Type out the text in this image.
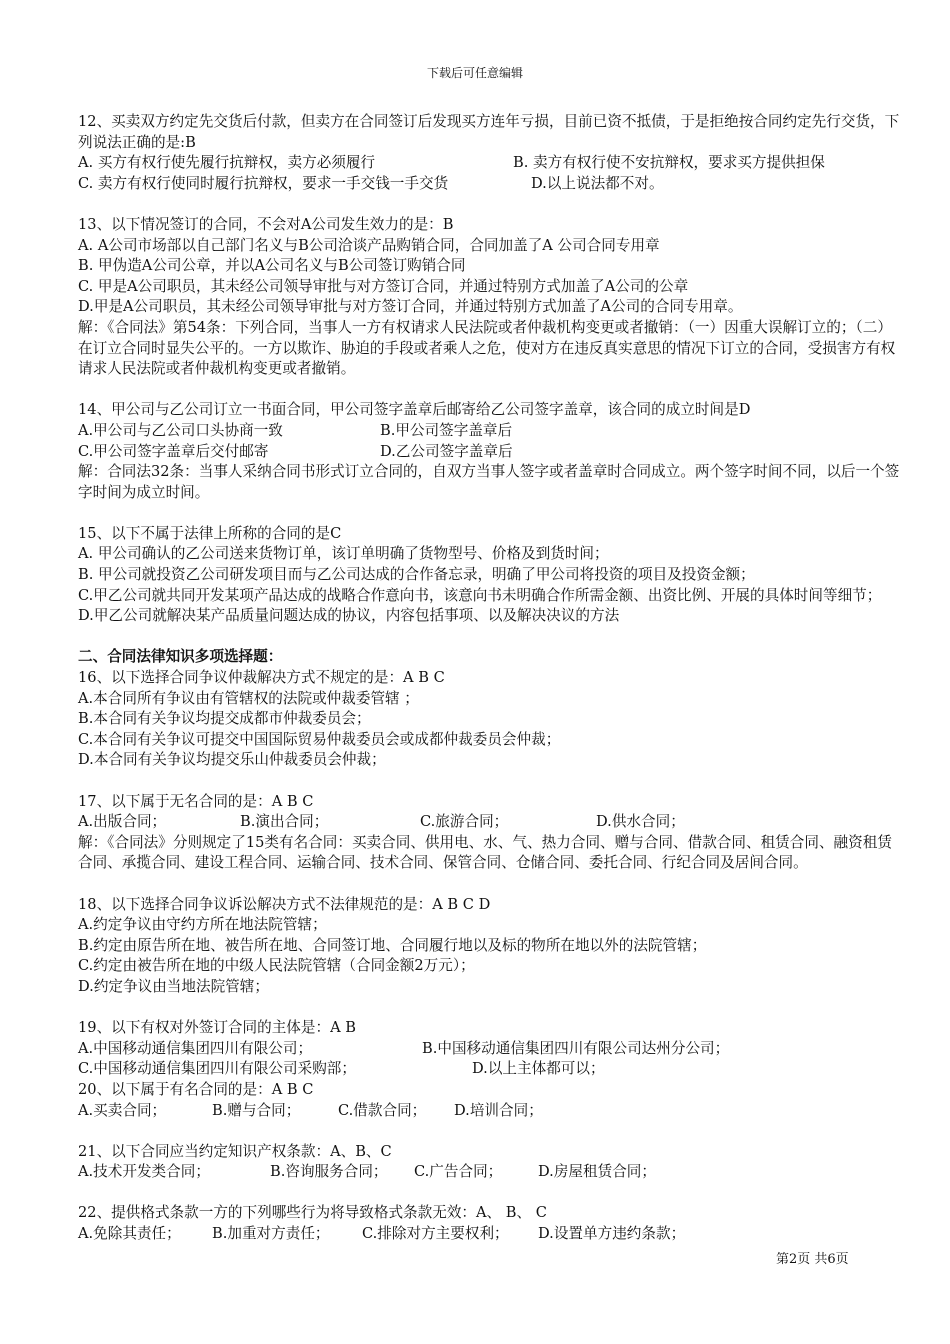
下载后可任意编辑
12、买卖双方约定先交货后付款，但卖方在合同签订后发现买方连年亏损，目前已资不抵债，于是拒绝按合同约定先行交货，下列说法正确的是:B
A. 买方有权行使先履行抗辩权，卖方必须履行	B. 卖方有权行使不安抗辩权，要求买方提供担保
C. 卖方有权行使同时履行抗辩权，要求一手交钱一手交货	D.以上说法都不对。
13、以下情况签订的合同，不会对A公司发生效力的是：B
A. A公司市场部以自己部门名义与B公司洽谈产品购销合同，合同加盖了A 公司合同专用章
B. 甲伪造A公司公章，并以A公司名义与B公司签订购销合同
C. 甲是A公司职员，其未经公司领导审批与对方签订合同，并通过特别方式加盖了A公司的公章
D.甲是A公司职员，其未经公司领导审批与对方签订合同，并通过特别方式加盖了A公司的合同专用章。
解：《合同法》第54条：下列合同，当事人一方有权请求人民法院或者仲裁机构变更或者撤销：（一）因重大误解订立的；（二）在订立合同时显失公平的。一方以欺诈、胁迫的手段或者乘人之危，使对方在违反真实意思的情况下订立的合同，受损害方有权请求人民法院或者仲裁机构变更或者撤销。
14、甲公司与乙公司订立一书面合同，甲公司签字盖章后邮寄给乙公司签字盖章，该合同的成立时间是D
A.甲公司与乙公司口头协商一致	B.甲公司签字盖章后
C.甲公司签字盖章后交付邮寄	D.乙公司签字盖章后
解：合同法32条：当事人采纳合同书形式订立合同的，自双方当事人签字或者盖章时合同成立。两个签字时间不同，以后一个签字时间为成立时间。
15、以下不属于法律上所称的合同的是C
A. 甲公司确认的乙公司送来货物订单，该订单明确了货物型号、价格及到货时间；
B. 甲公司就投资乙公司研发项目而与乙公司达成的合作备忘录，明确了甲公司将投资的项目及投资金额；
C.甲乙公司就共同开发某项产品达成的战略合作意向书，该意向书未明确合作所需金额、出资比例、开展的具体时间等细节；
D.甲乙公司就解决某产品质量问题达成的协议，内容包括事项、以及解决决议的方法
二、合同法律知识多项选择题：
16、以下选择合同争议仲裁解决方式不规定的是：A B C
A.本合同所有争议由有管辖权的法院或仲裁委管辖 ；
B.本合同有关争议均提交成都市仲裁委员会；
C.本合同有关争议可提交中国国际贸易仲裁委员会或成都仲裁委员会仲裁；
D.本合同有关争议均提交乐山仲裁委员会仲裁；
17、以下属于无名合同的是：A B C
A.出版合同；	B.演出合同；	C.旅游合同；	D.供水合同；
解：《合同法》分则规定了15类有名合同：买卖合同、供用电、水、气、热力合同、赠与合同、借款合同、租赁合同、融资租赁合同、承揽合同、建设工程合同、运输合同、技术合同、保管合同、仓储合同、委托合同、行纪合同及居间合同。
18、以下选择合同争议诉讼解决方式不法律规范的是：A B C D
A.约定争议由守约方所在地法院管辖；
B.约定由原告所在地、被告所在地、合同签订地、合同履行地以及标的物所在地以外的法院管辖；
C.约定由被告所在地的中级人民法院管辖（合同金额2万元）；
D.约定争议由当地法院管辖；
19、以下有权对外签订合同的主体是：A B
A.中国移动通信集团四川有限公司；	B.中国移动通信集团四川有限公司达州分公司；
C.中国移动通信集团四川有限公司采购部；	D.以上主体都可以；
20、以下属于有名合同的是：A B C
A.买卖合同；	B.赠与合同；	C.借款合同； D.培训合同；
21、以下合同应当约定知识产权条款：A、B、C
A.技术开发类合同；	B.咨询服务合同； C.广告合同； D.房屋租赁合同；
22、提供格式条款一方的下列哪些行为将导致格式条款无效：A、 B、 C
A.免除其责任； B.加重对方责任； C.排除对方主要权利； D.设置单方违约条款；
第2页 共6页
